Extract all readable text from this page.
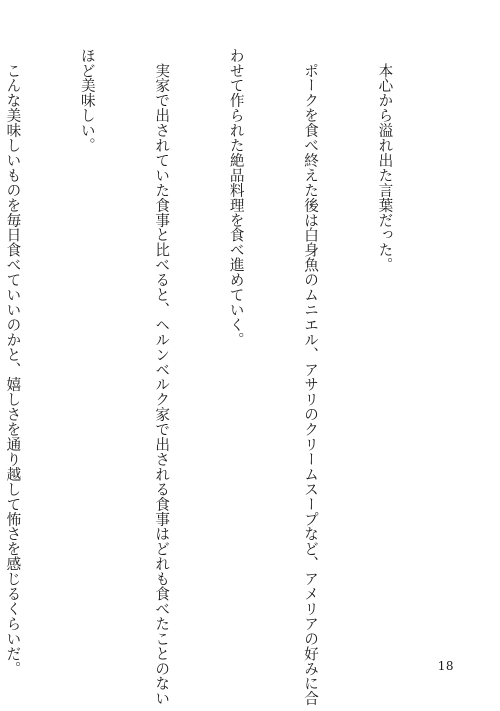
　本心から溢れ出た言葉だった。

　ポークを食べ終えた後は白身魚のムニエル、アサリのクリームスープなど、アメリアの好みに合

わせて作られた絶品料理を食べ進めていく。

　実家で出されていた食事と比べると、ヘルンベルク家で出される食事はどれも食べたことのない

ほど美味しい。

　こんな美味しいものを毎日食べていいのかと、嬉しさを通り越して怖さを感じるくらいだ。

	18
